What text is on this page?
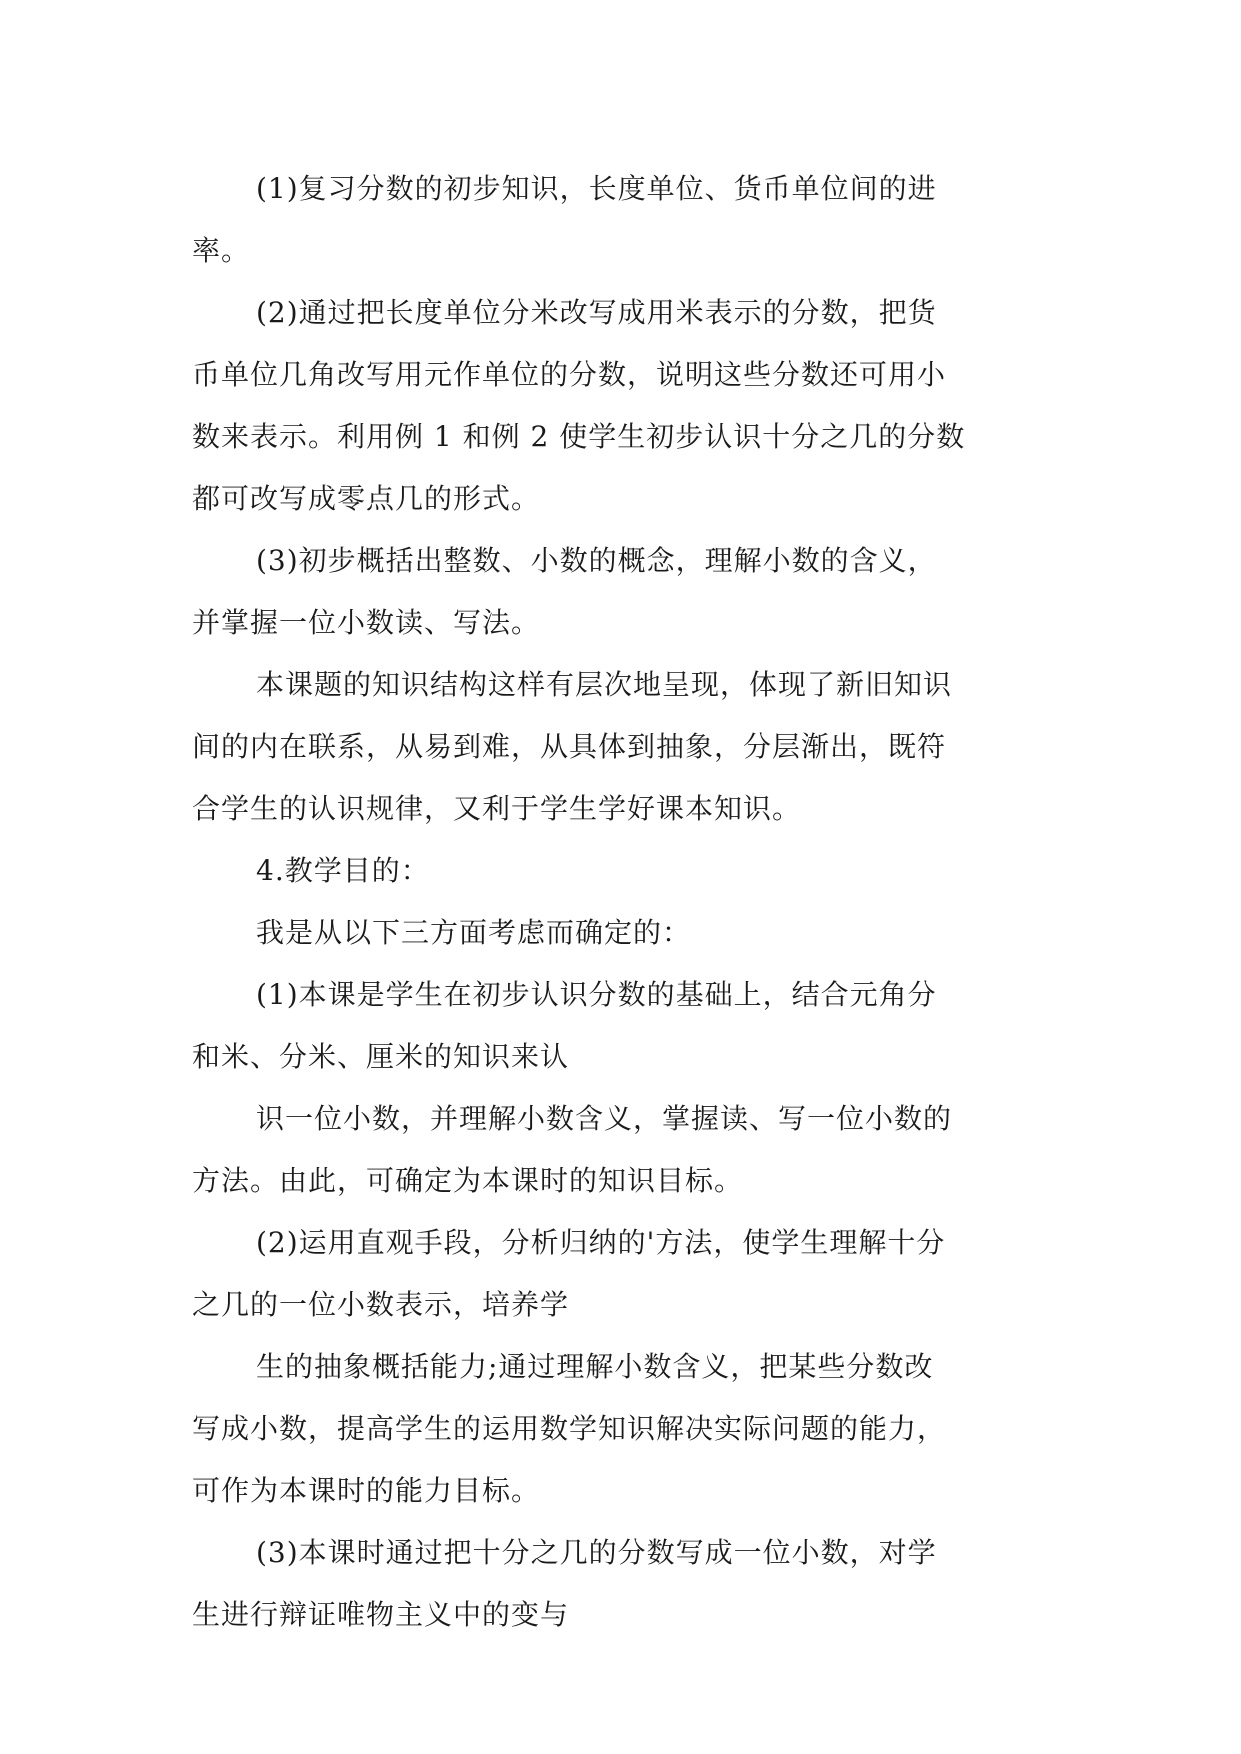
(1)复习分数的初步知识，长度单位、货币单位间的进
率。

(2)通过把长度单位分米改写成用米表示的分数，把货
币单位几角改写用元作单位的分数，说明这些分数还可用小
数来表示。利用例 1 和例 2 使学生初步认识十分之几的分数
都可改写成零点几的形式。

(3)初步概括出整数、小数的概念，理解小数的含义，
并掌握一位小数读、写法。

本课题的知识结构这样有层次地呈现，体现了新旧知识
间的内在联系，从易到难，从具体到抽象，分层渐出，既符
合学生的认识规律，又利于学生学好课本知识。

4.教学目的：

我是从以下三方面考虑而确定的：

(1)本课是学生在初步认识分数的基础上，结合元角分
和米、分米、厘米的知识来认

识一位小数，并理解小数含义，掌握读、写一位小数的
方法。由此，可确定为本课时的知识目标。

(2)运用直观手段，分析归纳的'方法，使学生理解十分
之几的一位小数表示，培养学

生的抽象概括能力;通过理解小数含义，把某些分数改
写成小数，提高学生的运用数学知识解决实际问题的能力，
可作为本课时的能力目标。

(3)本课时通过把十分之几的分数写成一位小数，对学
生进行辩证唯物主义中的变与
